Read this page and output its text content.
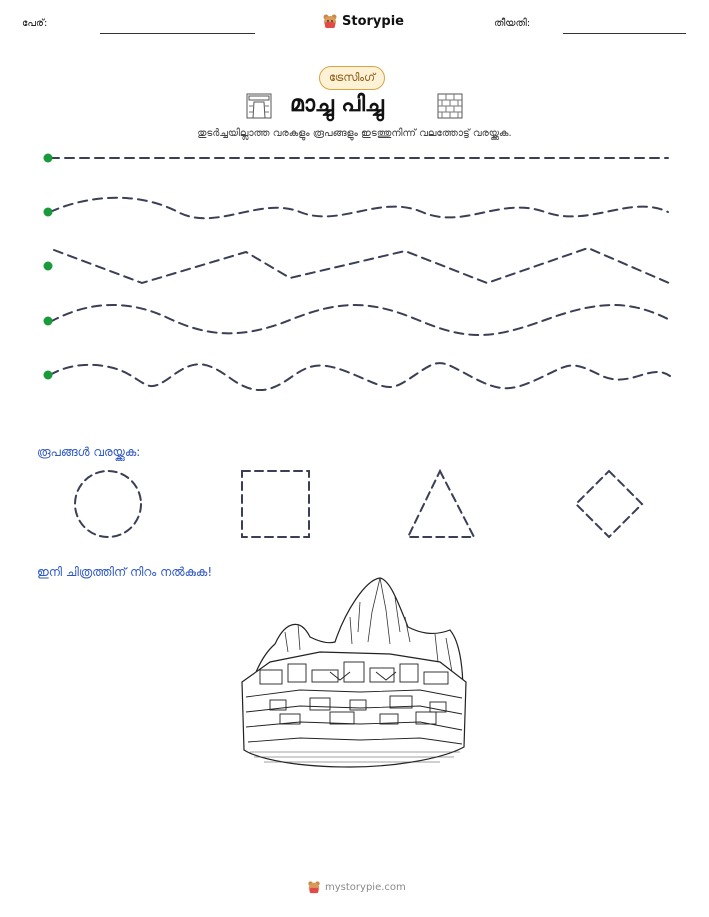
പേര്:	Storypie	തീയതി:
ട്രേസിംഗ്
മാച്ചു പിച്ചു
തുടർച്ചയില്ലാത്ത വരകളും രൂപങ്ങളും ഇടത്തുനിന്ന് വലത്തോട്ട് വരയ്ക്കുക.
രൂപങ്ങൾ വരയ്ക്കുക:
ഇനി ചിത്രത്തിന് നിറം നൽകുക!
mystorypie.com
